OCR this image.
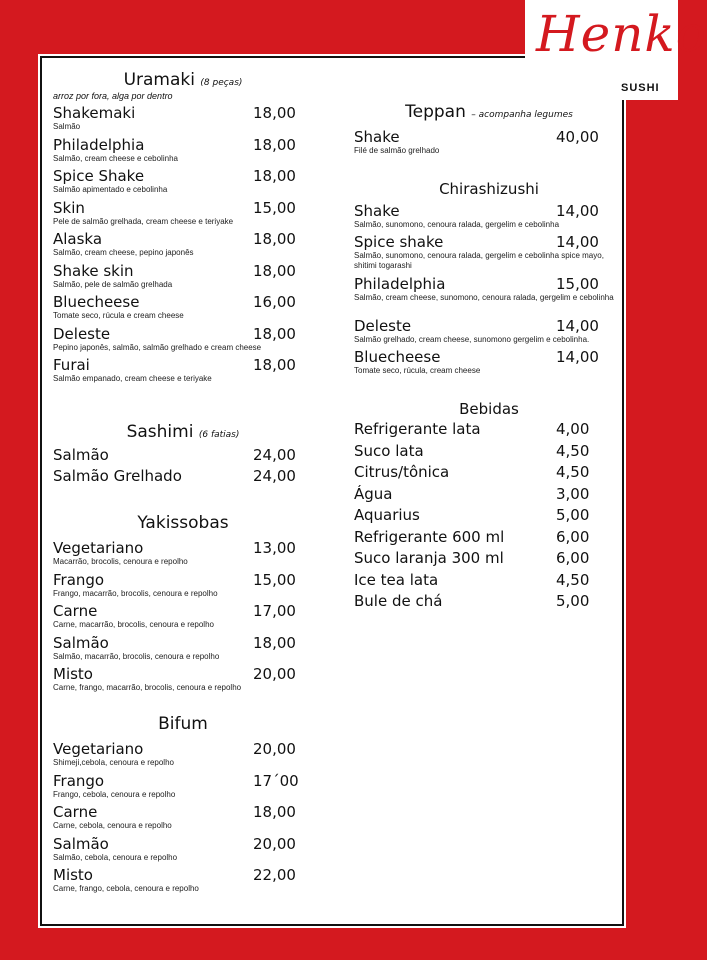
Henko
SUSHI
Uramaki (8 peças)
arroz por fora, alga por dentro
Shakemaki	18,00
Salmão
Philadelphia	18,00
Salmão, cream cheese e cebolinha
Spice Shake	18,00
Salmão apimentado e cebolinha
Skin	15,00
Pele de salmão grelhada, cream cheese e teriyake
Alaska	18,00
Salmão, cream cheese, pepino japonês
Shake skin	18,00
Salmão, pele de salmão grelhada
Bluecheese	16,00
Tomate seco, rúcula e cream cheese
Deleste	18,00
Pepino japonês, salmão, salmão grelhado e cream cheese
Furai	18,00
Salmão empanado, cream cheese e teriyake
Sashimi (6 fatias)
Salmão	24,00
Salmão Grelhado	24,00
Yakissobas
Vegetariano	13,00
Macarrão, brocolis, cenoura e repolho
Frango	15,00
Frango, macarrão, brocolis, cenoura e repolho
Carne	17,00
Carne, macarrão, brocolis, cenoura e repolho
Salmão	18,00
Salmão, macarrão, brocolis, cenoura e repolho
Misto	20,00
Carne, frango, macarrão, brocolis, cenoura e repolho
Bifum
Vegetariano	20,00
Shimeji,cebola, cenoura e repolho
Frango	17´00
Frango, cebola, cenoura e repolho
Carne	18,00
Carne, cebola, cenoura e repolho
Salmão	20,00
Salmão, cebola, cenoura e repolho
Misto	22,00
Carne, frango, cebola, cenoura e repolho
Teppan – acompanha legumes
Shake	40,00
Filé de salmão grelhado
Chirashizushi
Shake	14,00
Salmão, sunomono, cenoura ralada, gergelim e cebolinha
Spice shake	14,00
Salmão, sunomono, cenoura ralada, gergelim e cebolinha spice mayo, shitimi togarashi
Philadelphia	15,00
Salmão, cream cheese, sunomono, cenoura ralada, gergelim e cebolinha
Deleste	14,00
Salmão grelhado, cream cheese, sunomono gergelim e cebolinha.
Bluecheese	14,00
Tomate seco, rúcula, cream cheese
Bebidas
Refrigerante lata	4,00
Suco lata	4,50
Citrus/tônica	4,50
Água	3,00
Aquarius	5,00
Refrigerante 600 ml	6,00
Suco laranja 300 ml	6,00
Ice tea lata	4,50
Bule de chá	5,00
